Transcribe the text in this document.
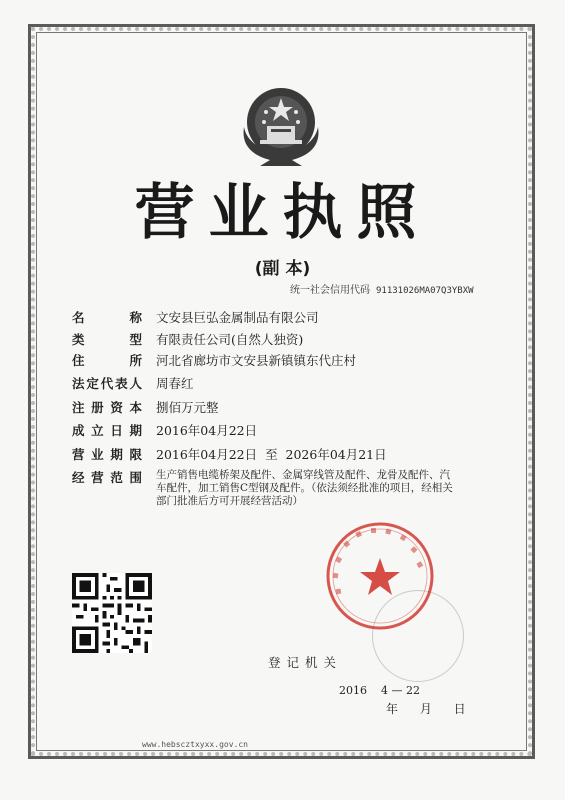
营业执照
(副 本)
统一社会信用代码 91131026MA07Q3YBXW
名称 文安县巨弘金属制品有限公司
类型 有限责任公司(自然人独资)
住所 河北省廊坊市文安县新镇镇东代庄村
法定代表人 周春红
注册资本 捌佰万元整
成立日期 2016年04月22日
营业期限 2016年04月22日  至  2026年04月21日
经营范围 生产销售电缆桥架及配件、金属穿线管及配件、龙骨及配件、汽车配件，加工销售C型钢及配件。（依法须经批准的项目，经相关部门批准后方可开展经营活动）
登记机关
2016    4 — 22
年 月 日
www.hebscztxyxx.gov.cn
